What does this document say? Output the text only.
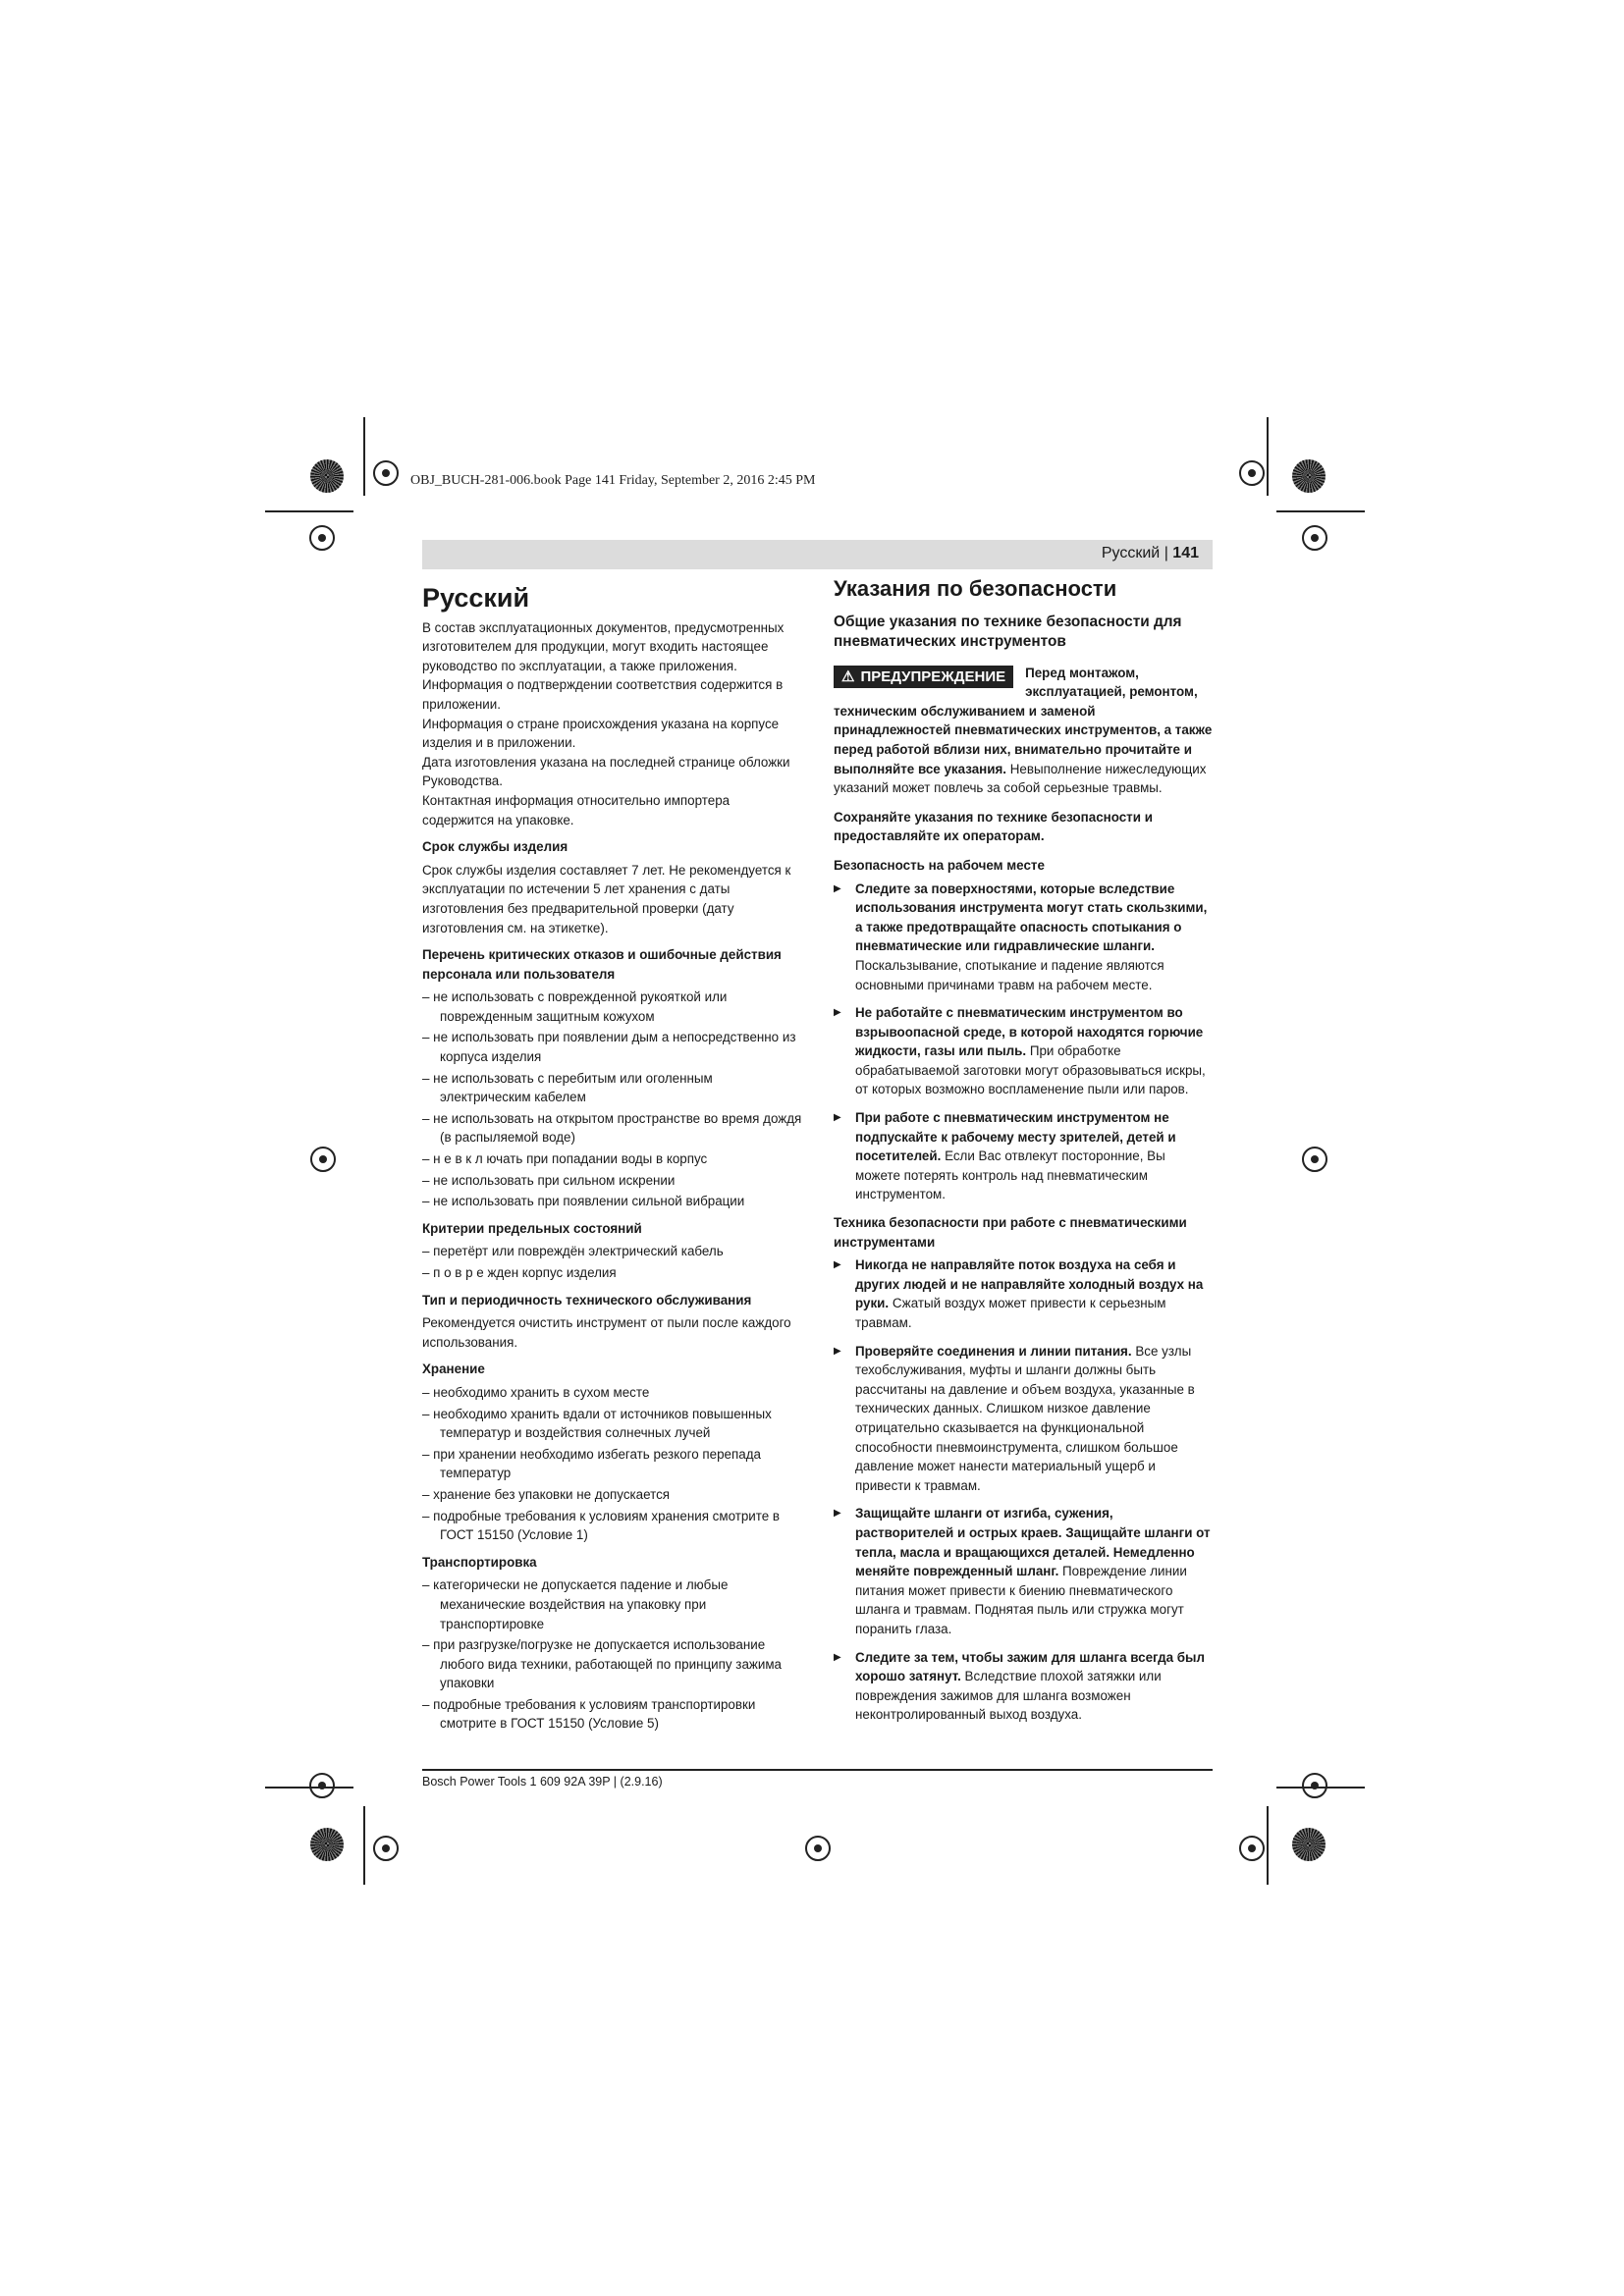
OBJ_BUCH-281-006.book Page 141 Friday, September 2, 2016 2:45 PM
Русский | 141
Русский

В состав эксплуатационных документов, предусмотренных изготовителем для продукции, могут входить настоящее руководство по эксплуатации, а также приложения.

Информация о подтверждении соответствия содержится в приложении.

Информация о стране происхождения указана на корпусе изделия и в приложении.

Дата изготовления указана на последней странице обложки Руководства.

Контактная информация относительно импортера содержится на упаковке.

Срок службы изделия

Срок службы изделия составляет 7 лет. Не рекомендуется к эксплуатации по истечении 5 лет хранения с даты изготовления без предварительной проверки (дату изготовления см. на этикетке).

Перечень критических отказов и ошибочные действия персонала или пользователя
– не использовать с поврежденной рукояткой или поврежденным защитным кожухом
– не использовать при появлении дым а непосредственно из корпуса изделия
– не использовать с перебитым или оголенным электрическим кабелем
– не использовать на открытом пространстве во время дождя (в распыляемой воде)
– н е в к л ючать при попадании воды в корпус
– не использовать при сильном искрении
– не использовать при появлении сильной вибрации
Критерии предельных состояний
– перетёрт или повреждён электрический кабель
– п о в р е жден корпус изделия
Тип и периодичность технического обслуживания

Рекомендуется очистить инструмент от пыли после каждого использования.

Хранение
– необходимо хранить в сухом месте
– необходимо хранить вдали от источников повышенных температур и воздействия солнечных лучей
– при хранении необходимо избегать резкого перепада температур
– хранение без упаковки не допускается
– подробные требования к условиям хранения смотрите в ГОСТ 15150 (Условие 1)
Транспортировка
– категорически не допускается падение и любые механические воздействия на упаковку при транспортировке
– при разгрузке/погрузке не допускается использование любого вида техники, работающей по принципу зажима упаковки
– подробные требования к условиям транспортировки смотрите в ГОСТ 15150 (Условие 5)
Указания по безопасности
Общие указания по технике безопасности для пневматических инструментов
⚠ ПРЕДУПРЕЖДЕНИЕ	Перед монтажом, эксплуатацией, ремонтом, техническим обслуживанием и заменой принадлежностей пневматических инструментов, а также перед работой вблизи них, внимательно прочитайте и выполняйте все указания. Невыполнение нижеследующих указаний может повлечь за собой серьезные травмы.

Сохраняйте указания по технике безопасности и предоставляйте их операторам.

Безопасность на рабочем месте
▶ Следите за поверхностями, которые вследствие использования инструмента могут стать скользкими, а также предотвращайте опасность спотыкания о пневматические или гидравлические шланги. Поскальзывание, спотыкание и падение являются основными причинами травм на рабочем месте.
▶ Не работайте с пневматическим инструментом во взрывоопасной среде, в которой находятся горючие жидкости, газы или пыль. При обработке обрабатываемой заготовки могут образовываться искры, от которых возможно воспламенение пыли или паров.
▶ При работе с пневматическим инструментом не подпускайте к рабочему месту зрителей, детей и посетителей. Если Вас отвлекут посторонние, Вы можете потерять контроль над пневматическим инструментом.
Техника безопасности при работе с пневматическими инструментами
▶ Никогда не направляйте поток воздуха на себя и других людей и не направляйте холодный воздух на руки. Сжатый воздух может привести к серьезным травмам.
▶ Проверяйте соединения и линии питания. Все узлы техобслуживания, муфты и шланги должны быть рассчитаны на давление и объем воздуха, указанные в технических данных. Слишком низкое давление отрицательно сказывается на функциональной способности пневмоинструмента, слишком большое давление может нанести материальный ущерб и привести к травмам.
▶ Защищайте шланги от изгиба, сужения, растворителей и острых краев. Защищайте шланги от тепла, масла и вращающихся деталей. Немедленно меняйте поврежденный шланг. Повреждение линии питания может привести к биению пневматического шланга и травмам. Поднятая пыль или стружка могут поранить глаза.
▶ Следите за тем, чтобы зажим для шланга всегда был хорошо затянут. Вследствие плохой затяжки или повреждения зажимов для шланга возможен неконтролированный выход воздуха.
Bosch Power Tools 1 609 92A 39P | (2.9.16)
